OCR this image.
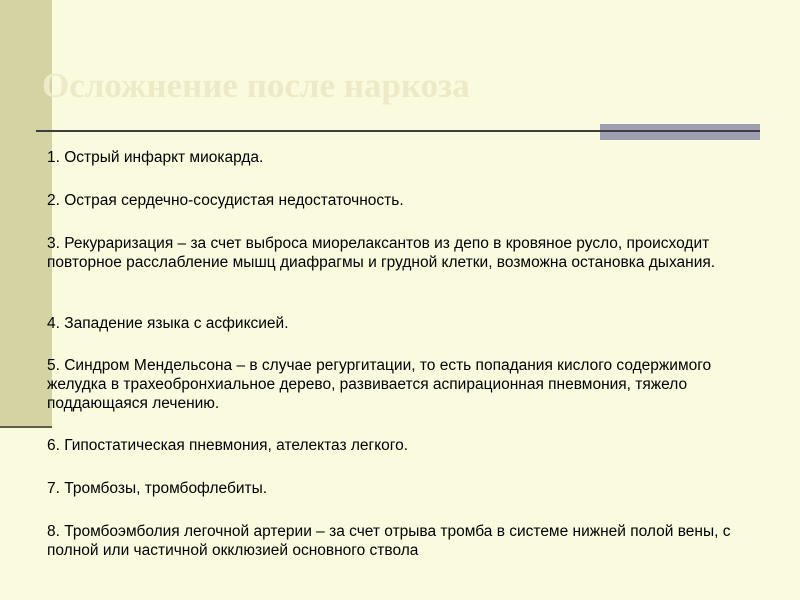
Осложнение после наркоза
1. Острый инфаркт миокарда.
2. Острая сердечно-сосудистая недостаточность.
3. Рекураризация – за счет выброса миорелаксантов из депо в кровяное русло, происходит повторное расслабление мышц диафрагмы и грудной клетки, возможна остановка дыхания.
4. Западение языка с асфиксией.
5. Синдром Мендельсона – в случае регургитации, то есть попадания кислого содержимого желудка в трахеобронхиальное дерево, развивается аспирационная пневмония, тяжело поддающаяся лечению.
6. Гипостатическая пневмония, ателектаз легкого.
7. Тромбозы, тромбофлебиты.
8. Тромбоэмболия легочной артерии – за счет отрыва тромба в системе нижней полой вены, с полной или частичной окклюзией основного ствола
